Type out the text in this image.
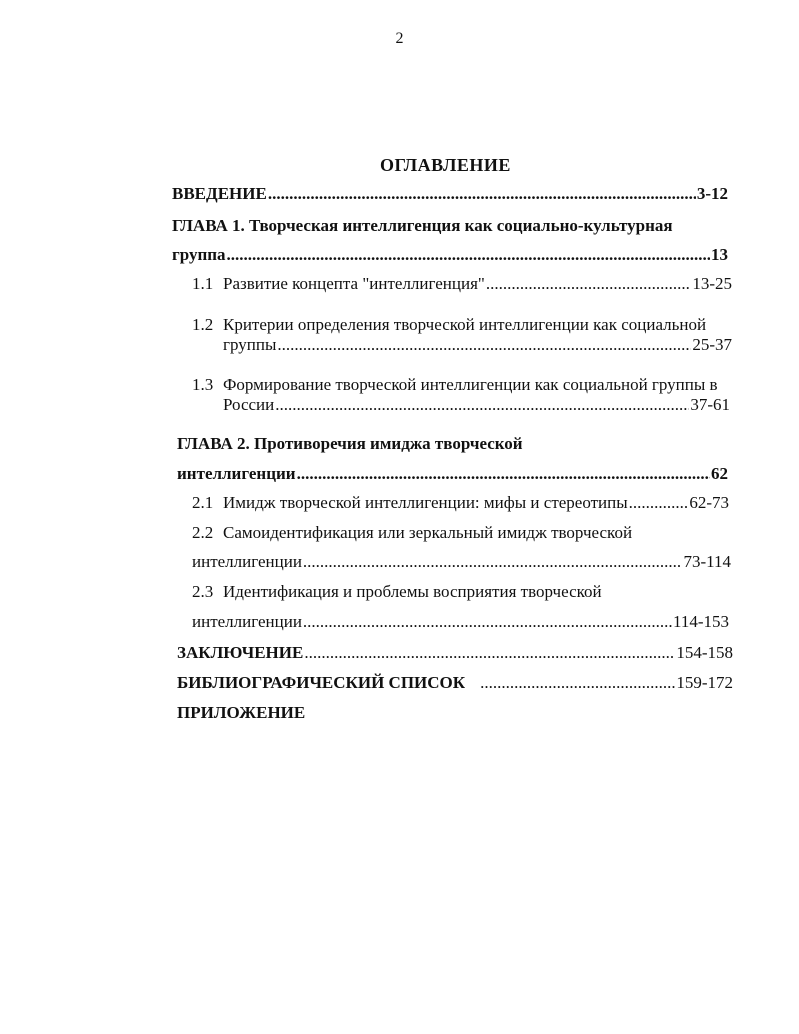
2
ОГЛАВЛЕНИЕ
ВВЕДЕНИЕ .....	3-12
ГЛАВА 1. Творческая интеллигенция как социально-культурная
группа .....	13
1.1 Развитие концепта "интеллигенция" .....	13-25
1.2 Критерии определения творческой интеллигенции как социальной
группы .....	25-37
1.3 Формирование творческой интеллигенции как социальной группы в
России .....	37-61
ГЛАВА 2. Противоречия имиджа творческой
интеллигенции .....	62
2.1 Имидж творческой интеллигенции: мифы и стереотипы .....	62-73
2.2 Самоидентификация или зеркальный имидж творческой
интеллигенции .....	73-114
2.3 Идентификация и проблемы восприятия творческой
интеллигенции .....	114-153
ЗАКЛЮЧЕНИЕ .....	154-158
БИБЛИОГРАФИЧЕСКИЙ СПИСОК .....	159-172
ПРИЛОЖЕНИЕ
